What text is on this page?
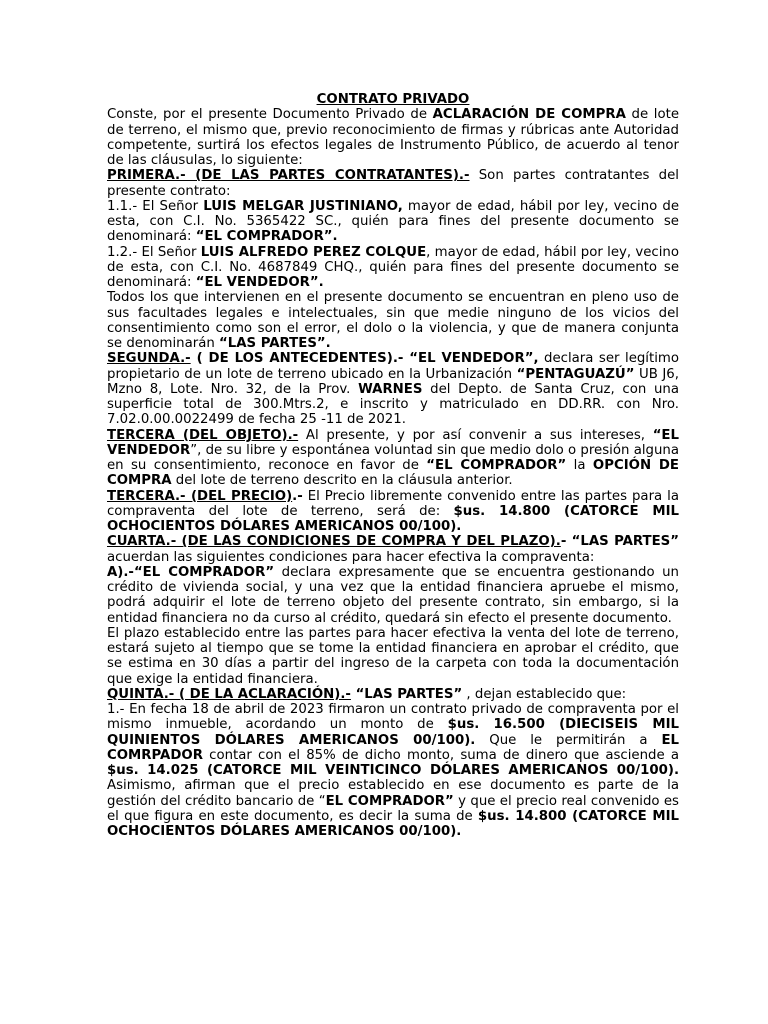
CONTRATO PRIVADO

Conste, por el presente Documento Privado de ACLARACIÓN DE COMPRA de lote de terreno, el mismo que, previo reconocimiento de firmas y rúbricas ante Autoridad competente, surtirá los efectos legales de Instrumento Público, de acuerdo al tenor de las cláusulas, lo siguiente:

PRIMERA.- (DE LAS PARTES CONTRATANTES).- Son partes contratantes del presente contrato:

1.1.- El Señor LUIS MELGAR JUSTINIANO, mayor de edad, hábil por ley, vecino de esta, con C.I. No. 5365422 SC., quién para fines del presente documento se denominará: “EL COMPRADOR”.

1.2.- El Señor LUIS ALFREDO PEREZ COLQUE, mayor de edad, hábil por ley, vecino de esta, con C.I. No. 4687849 CHQ., quién para fines del presente documento se denominará: “EL VENDEDOR”.

Todos los que intervienen en el presente documento se encuentran en pleno uso de sus facultades legales e intelectuales, sin que medie ninguno de los vicios del consentimiento como son el error, el dolo o la violencia, y que de manera conjunta se denominarán “LAS PARTES”.

SEGUNDA.- ( DE LOS ANTECEDENTES).- “EL VENDEDOR”, declara ser legítimo propietario de un lote de terreno ubicado en la Urbanización “PENTAGUAZÚ” UB J6, Mzno 8, Lote. Nro. 32, de la Prov. WARNES del Depto. de Santa Cruz, con una superficie total de 300.Mtrs.2, e inscrito y matriculado en DD.RR. con Nro. 7.02.0.00.0022499 de fecha 25 -11 de 2021.

TERCERA (DEL OBJETO).- Al presente, y por así convenir a sus intereses, “EL VENDEDOR”, de su libre y espontánea voluntad sin que medio dolo o presión alguna en su consentimiento, reconoce en favor de “EL COMPRADOR” la OPCIÓN DE COMPRA del lote de terreno descrito en la cláusula anterior.

TERCERA.- (DEL PRECIO).- El Precio libremente convenido entre las partes para la compraventa del lote de terreno, será de: $us. 14.800 (CATORCE MIL OCHOCIENTOS DÓLARES AMERICANOS 00/100).

CUARTA.- (DE LAS CONDICIONES DE COMPRA Y DEL PLAZO).- “LAS PARTES” acuerdan las siguientes condiciones para hacer efectiva la compraventa:

A).-“EL COMPRADOR” declara expresamente que se encuentra gestionando un crédito de vivienda social, y una vez que la entidad financiera apruebe el mismo, podrá adquirir el lote de terreno objeto del presente contrato, sin embargo, si la entidad financiera no da curso al crédito, quedará sin efecto el presente documento.

El plazo establecido entre las partes para hacer efectiva la venta del lote de terreno, estará sujeto al tiempo que se tome la entidad financiera en aprobar el crédito, que se estima en 30 días a partir del ingreso de la carpeta con toda la documentación que exige la entidad financiera.

QUINTA.- ( DE LA ACLARACIÓN).- “LAS PARTES” , dejan establecido que:

1.- En fecha 18 de abril de 2023 firmaron un contrato privado de compraventa por el mismo inmueble, acordando un monto de $us. 16.500 (DIECISEIS MIL QUINIENTOS DÓLARES AMERICANOS 00/100). Que le permitirán a EL COMRPADOR contar con el 85% de dicho monto, suma de dinero que asciende a $us. 14.025 (CATORCE MIL VEINTICINCO DÓLARES AMERICANOS 00/100). Asimismo, afirman que el precio establecido en ese documento es parte de la gestión del crédito bancario de “EL COMPRADOR” y que el precio real convenido es el que figura en este documento, es decir la suma de $us. 14.800 (CATORCE MIL OCHOCIENTOS DÓLARES AMERICANOS 00/100).
